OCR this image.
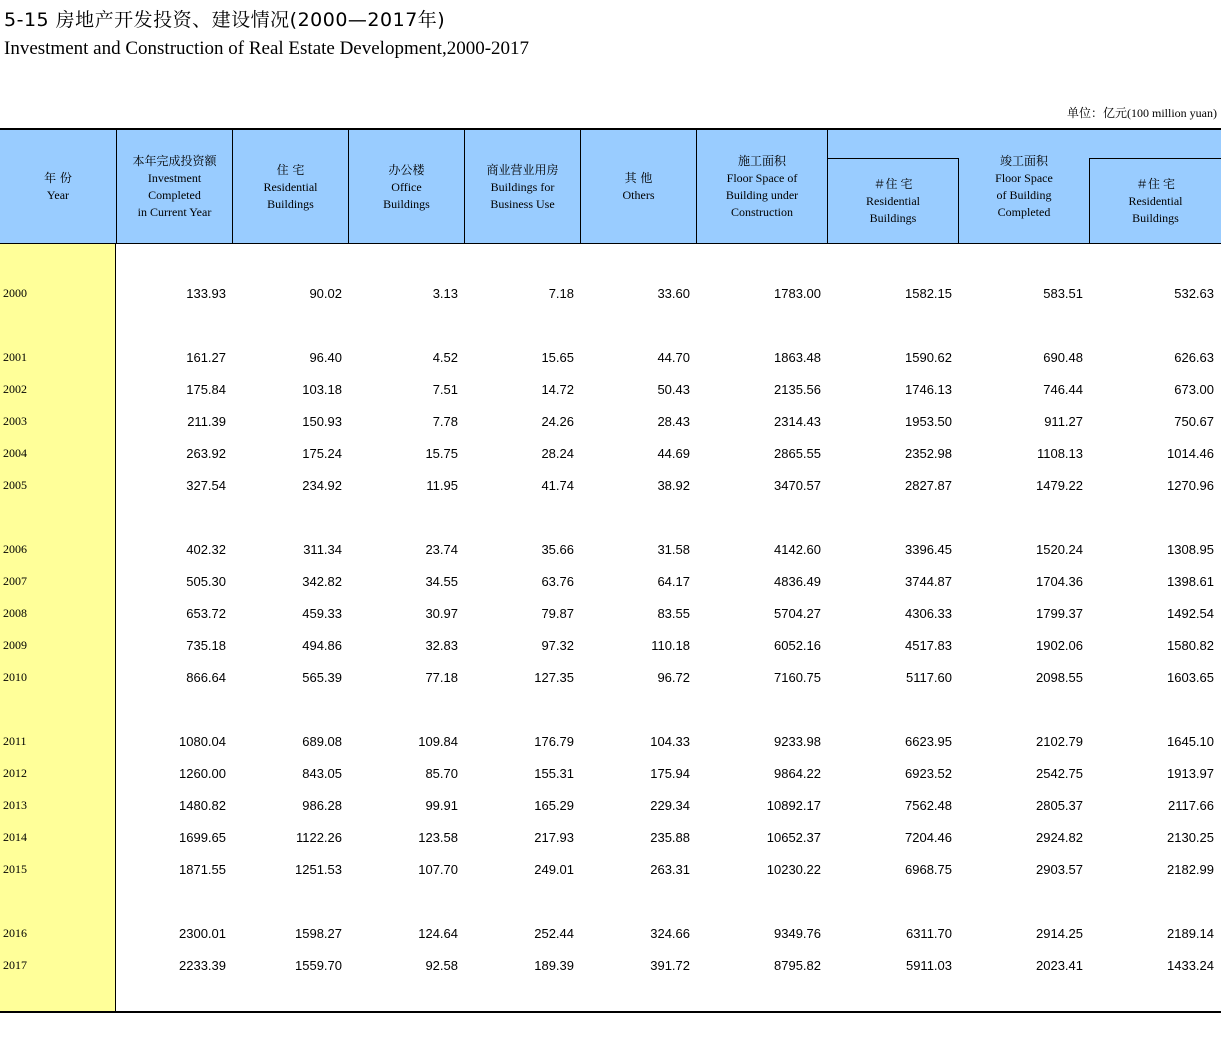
5-15 房地产开发投资、建设情况(2000—2017年)
Investment and Construction of Real Estate Development,2000-2017
单位：亿元(100 million yuan)
年 份
Year
本年完成投资额
Investment
Completed
in Current Year
住 宅
Residential
Buildings
办公楼
Office
Buildings
商业营业用房
Buildings for
Business Use
其 他
Others
施工面积
Floor Space of
Building under
Construction
＃住 宅
Residential
Buildings
竣工面积
Floor Space
of Building
Completed
＃住 宅
Residential
Buildings
2000	133.93	90.02	3.13	7.18	33.60	1783.00	1582.15	583.51	532.63
2001	161.27	96.40	4.52	15.65	44.70	1863.48	1590.62	690.48	626.63
2002	175.84	103.18	7.51	14.72	50.43	2135.56	1746.13	746.44	673.00
2003	211.39	150.93	7.78	24.26	28.43	2314.43	1953.50	911.27	750.67
2004	263.92	175.24	15.75	28.24	44.69	2865.55	2352.98	1108.13	1014.46
2005	327.54	234.92	11.95	41.74	38.92	3470.57	2827.87	1479.22	1270.96
2006	402.32	311.34	23.74	35.66	31.58	4142.60	3396.45	1520.24	1308.95
2007	505.30	342.82	34.55	63.76	64.17	4836.49	3744.87	1704.36	1398.61
2008	653.72	459.33	30.97	79.87	83.55	5704.27	4306.33	1799.37	1492.54
2009	735.18	494.86	32.83	97.32	110.18	6052.16	4517.83	1902.06	1580.82
2010	866.64	565.39	77.18	127.35	96.72	7160.75	5117.60	2098.55	1603.65
2011	1080.04	689.08	109.84	176.79	104.33	9233.98	6623.95	2102.79	1645.10
2012	1260.00	843.05	85.70	155.31	175.94	9864.22	6923.52	2542.75	1913.97
2013	1480.82	986.28	99.91	165.29	229.34	10892.17	7562.48	2805.37	2117.66
2014	1699.65	1122.26	123.58	217.93	235.88	10652.37	7204.46	2924.82	2130.25
2015	1871.55	1251.53	107.70	249.01	263.31	10230.22	6968.75	2903.57	2182.99
2016	2300.01	1598.27	124.64	252.44	324.66	9349.76	6311.70	2914.25	2189.14
2017	2233.39	1559.70	92.58	189.39	391.72	8795.82	5911.03	2023.41	1433.24
